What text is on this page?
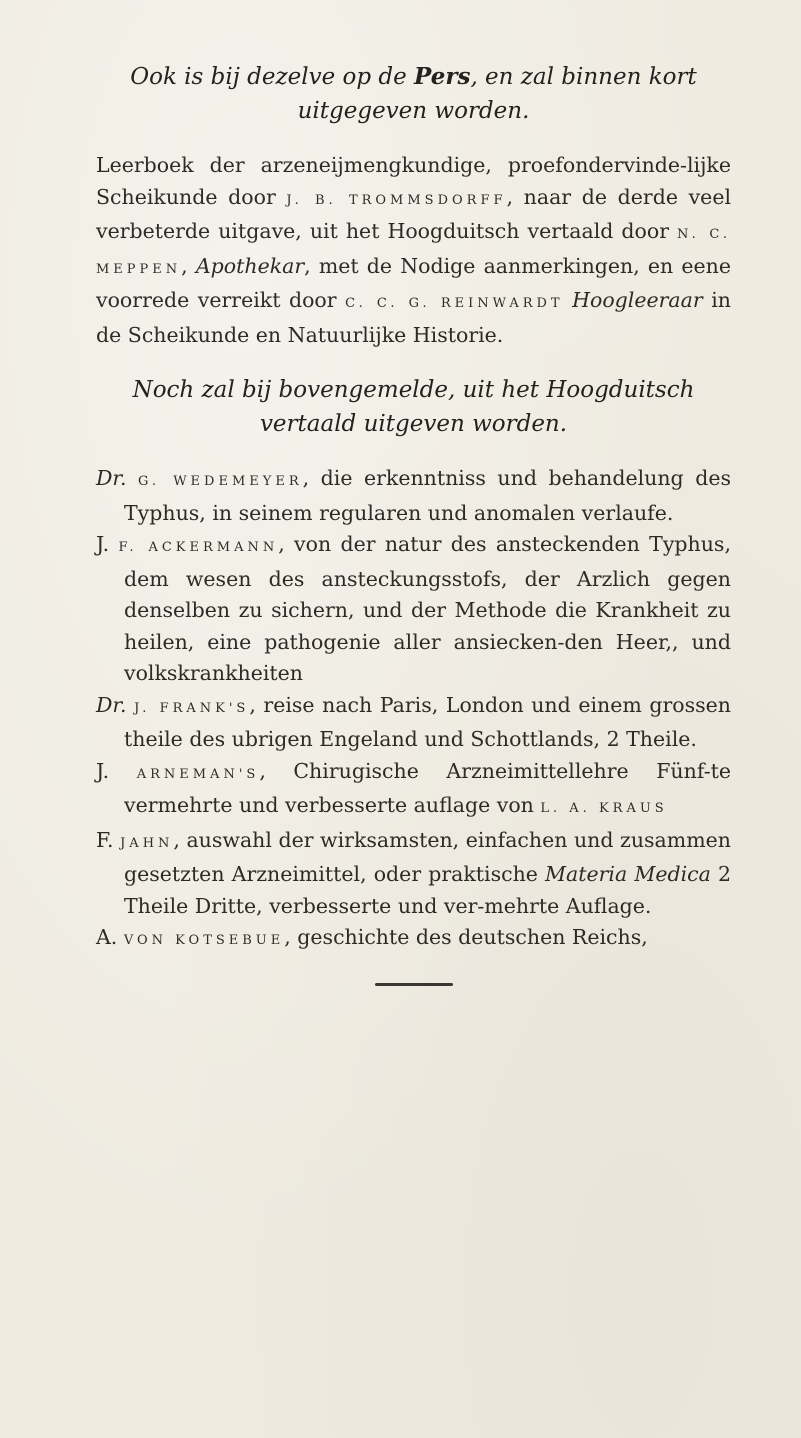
Ook is bij dezelve op de Pers, en zal binnen kort
uitgegeven worden.

Leerboek der arzeneijmengkundige, proefondervinde-lijke Scheikunde door J. B. TROMMSDORFF, naar de derde veel verbeterde uitgave, uit het Hoogduitsch vertaald door N. C. MEPPEN, Apothekar, met de Nodige aanmerkingen, en eene voorrede verreikt door C. C. G. REINWARDT Hoogleeraar in de Scheikunde en Natuurlijke Historie.

Noch zal bij bovengemelde, uit het Hoogduitsch
vertaald uitgeven worden.

Dr. G. WEDEMEYER, die erkenntniss und behandelung des Typhus, in seinem regularen und anomalen verlaufe.

J. F. ACKERMANN, von der natur des ansteckenden Typhus, dem wesen des ansteckungsstofs, der Arzlich gegen denselben zu sichern, und der Methode die Krankheit zu heilen, eine pathogenie aller ansiecken-den Heer,, und volkskrankheiten

Dr. J. FRANK'S, reise nach Paris, London und einem grossen theile des ubrigen Engeland und Schottlands, 2 Theile.

J. ARNEMAN'S, Chirugische Arzneimittellehre Fünf-te vermehrte und verbesserte auflage von L. A. KRAUS

F. JAHN, auswahl der wirksamsten, einfachen und zusammen gesetzten Arzneimittel, oder praktische Materia Medica 2 Theile Dritte, verbesserte und ver-mehrte Auflage.

A. VON KOTSEBUE, geschichte des deutschen Reichs,
